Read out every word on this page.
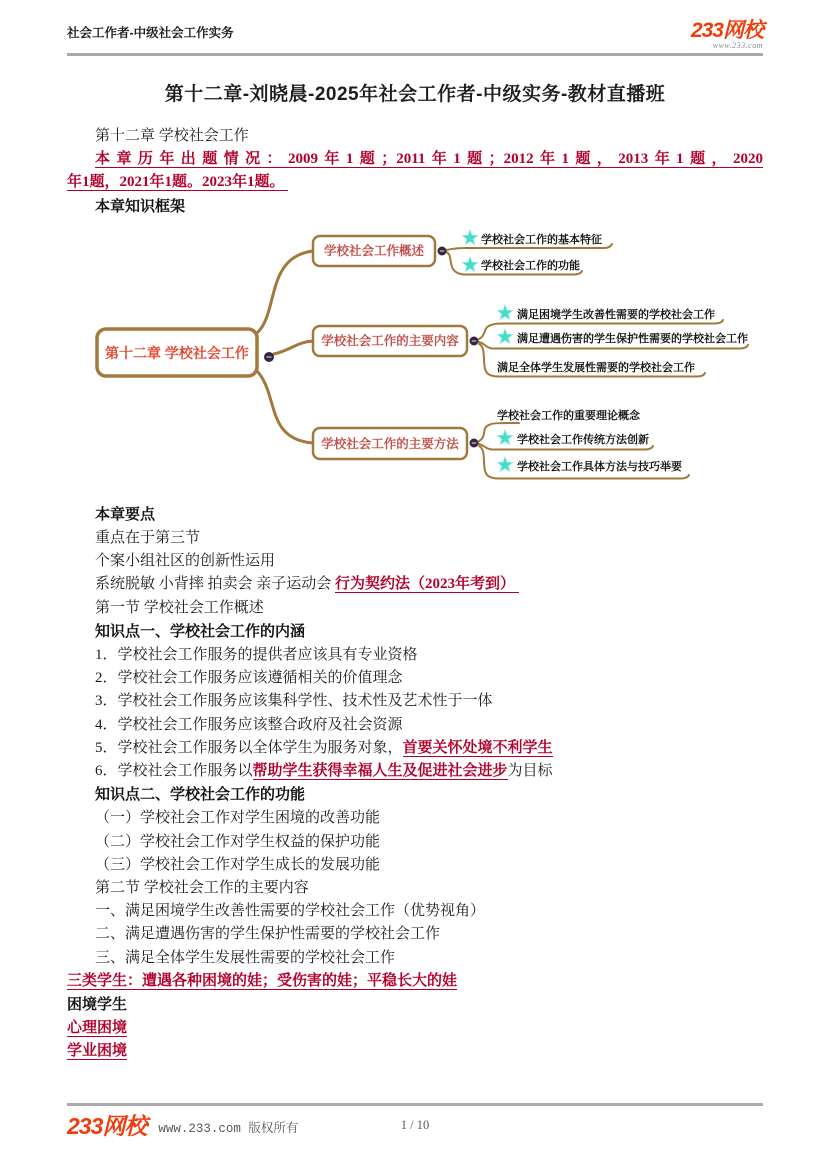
社会工作者-中级社会工作实务	233网校
www.233.com
第十二章-刘晓晨-2025年社会工作者-中级实务-教材直播班
第十二章 学校社会工作
本章历年出题情况：2009年1题；2011年1题；2012年1题，2013年1题，2020
年1题，2021年1题。2023年1题。
本章知识框架
第十二章 学校社会工作
学校社会工作概述
学校社会工作的基本特征
学校社会工作的功能
学校社会工作的主要内容
满足困境学生改善性需要的学校社会工作
满足遭遇伤害的学生保护性需要的学校社会工作
满足全体学生发展性需要的学校社会工作
学校社会工作的主要方法
学校社会工作的重要理论概念
学校社会工作传统方法创新
学校社会工作具体方法与技巧举要
本章要点
重点在于第三节
个案小组社区的创新性运用
系统脱敏 小背摔 拍卖会 亲子运动会 行为契约法（2023年考到）
第一节 学校社会工作概述
知识点一、学校社会工作的内涵
1．学校社会工作服务的提供者应该具有专业资格
2．学校社会工作服务应该遵循相关的价值理念
3．学校社会工作服务应该集科学性、技术性及艺术性于一体
4．学校社会工作服务应该整合政府及社会资源
5．学校社会工作服务以全体学生为服务对象，首要关怀处境不利学生
6．学校社会工作服务以帮助学生获得幸福人生及促进社会进步为目标
知识点二、学校社会工作的功能
（一）学校社会工作对学生困境的改善功能
（二）学校社会工作对学生权益的保护功能
（三）学校社会工作对学生成长的发展功能
第二节 学校社会工作的主要内容
一、满足困境学生改善性需要的学校社会工作（优势视角）
二、满足遭遇伤害的学生保护性需要的学校社会工作
三、满足全体学生发展性需要的学校社会工作
三类学生：遭遇各种困境的娃；受伤害的娃；平稳长大的娃
困境学生
心理困境
学业困境
233网校 www.233.com 版权所有	1 / 10
